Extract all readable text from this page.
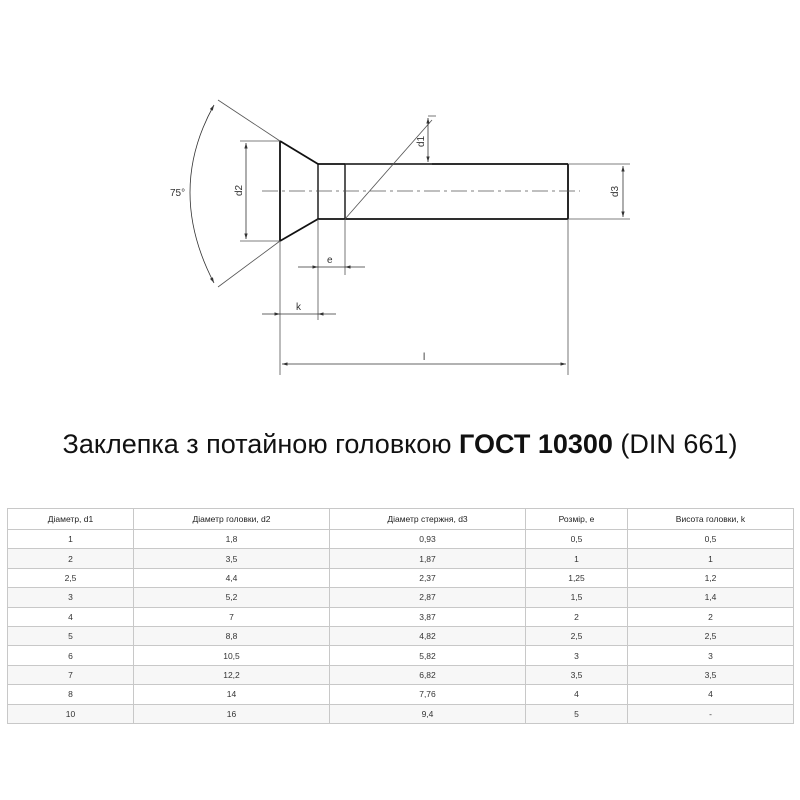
75°	d2
d1
d3
e
k
l
Заклепка з потайною головкою ГОСТ 10300 (DIN 661)
Діаметр, d1	Діаметр головки, d2	Діаметр стержня, d3	Розмір, е	Висота головки, k
1	1,8	0,93	0,5	0,5
2	3,5	1,87	1	1
2,5	4,4	2,37	1,25	1,2
3	5,2	2,87	1,5	1,4
4	7	3,87	2	2
5	8,8	4,82	2,5	2,5
6	10,5	5,82	3	3
7	12,2	6,82	3,5	3,5
8	14	7,76	4	4
10	16	9,4	5	-
